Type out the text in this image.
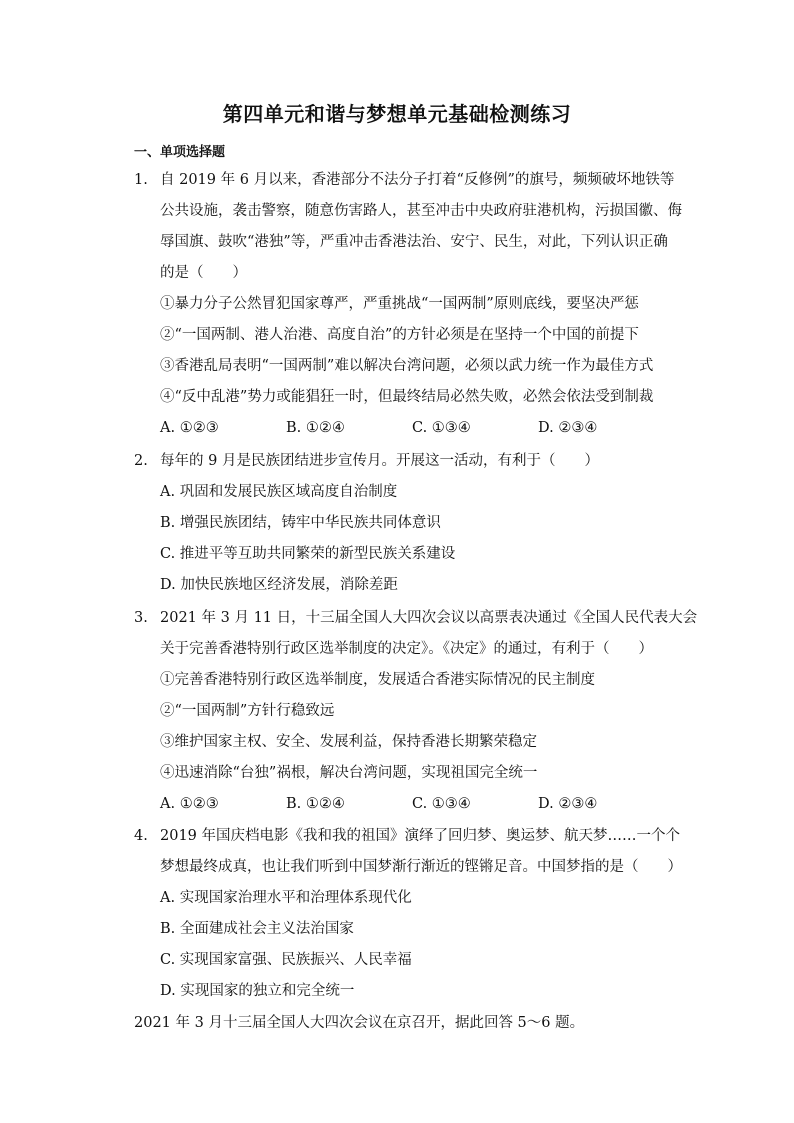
第四单元和谐与梦想单元基础检测练习
一、单项选择题
1. 自 2019 年 6 月以来，香港部分不法分子打着“反修例”的旗号，频频破坏地铁等
公共设施，袭击警察，随意伤害路人，甚至冲击中央政府驻港机构，污损国徽、侮
辱国旗、鼓吹“港独”等，严重冲击香港法治、安宁、民生，对此，下列认识正确
的是（　　）
①暴力分子公然冒犯国家尊严，严重挑战“一国两制”原则底线，要坚决严惩
②“一国两制、港人治港、高度自治”的方针必须是在坚持一个中国的前提下
③香港乱局表明“一国两制”难以解决台湾问题，必须以武力统一作为最佳方式
④“反中乱港”势力或能猖狂一时，但最终结局必然失败，必然会依法受到制裁
A. ①②③	B. ①②④	C. ①③④	D. ②③④
2. 每年的 9 月是民族团结进步宣传月。开展这一活动，有利于（　　）
A. 巩固和发展民族区域高度自治制度
B. 增强民族团结，铸牢中华民族共同体意识
C. 推进平等互助共同繁荣的新型民族关系建设
D. 加快民族地区经济发展，消除差距
3. 2021 年 3 月 11 日，十三届全国人大四次会议以高票表决通过《全国人民代表大会
关于完善香港特别行政区选举制度的决定》。《决定》的通过，有利于（　　）
①完善香港特别行政区选举制度，发展适合香港实际情况的民主制度
②“一国两制”方针行稳致远
③维护国家主权、安全、发展利益，保持香港长期繁荣稳定
④迅速消除“台独”祸根，解决台湾问题，实现祖国完全统一
A. ①②③	B. ①②④	C. ①③④	D. ②③④
4. 2019 年国庆档电影《我和我的祖国》演绎了回归梦、奥运梦、航天梦……一个个
梦想最终成真，也让我们听到中国梦渐行渐近的铿锵足音。中国梦指的是（　　）
A. 实现国家治理水平和治理体系现代化
B. 全面建成社会主义法治国家
C. 实现国家富强、民族振兴、人民幸福
D. 实现国家的独立和完全统一
2021 年 3 月十三届全国人大四次会议在京召开，据此回答 5～6 题。
